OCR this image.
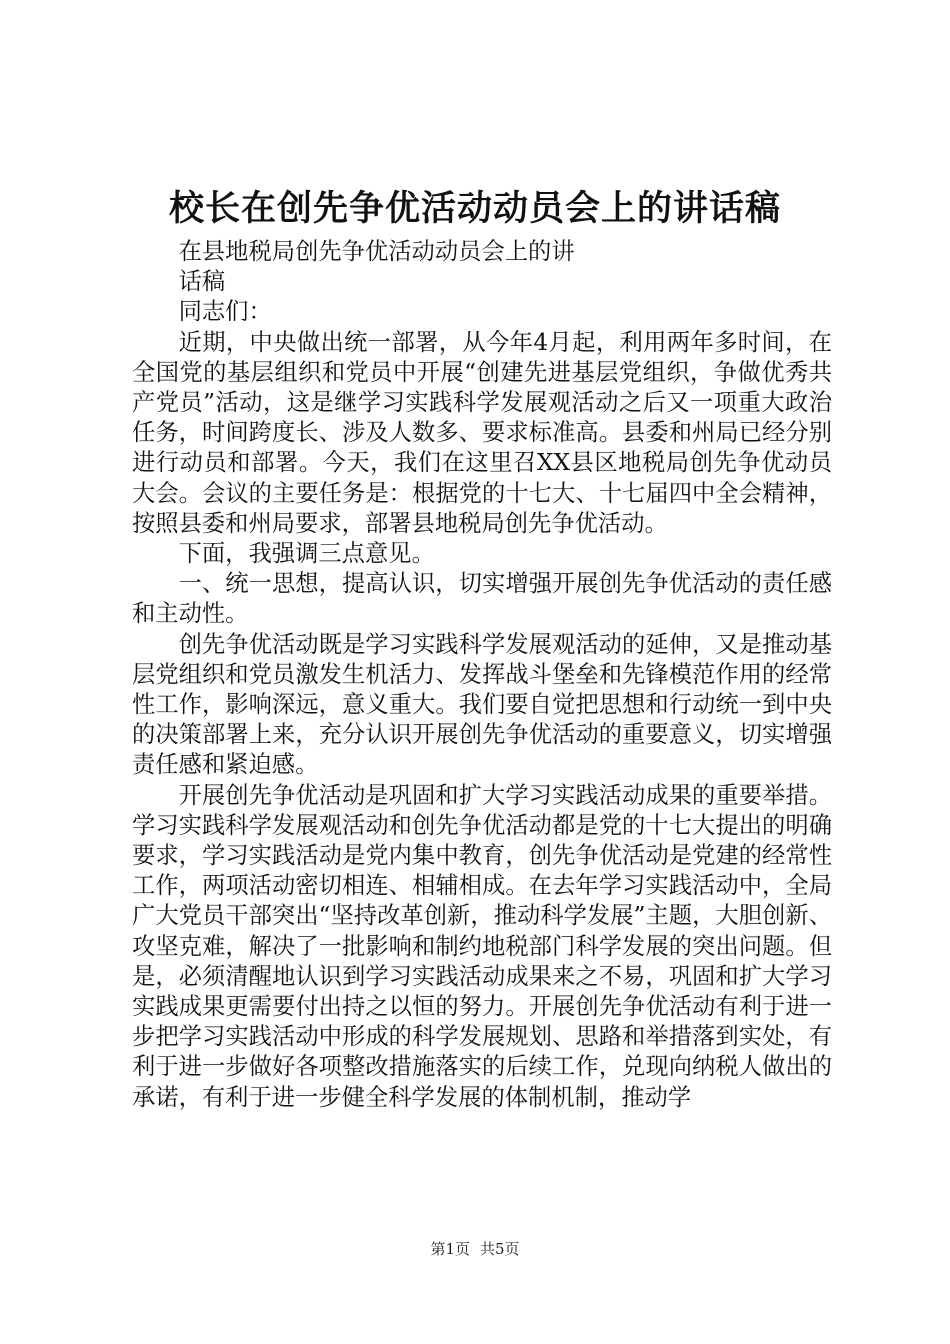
校长在创先争优活动动员会上的讲话稿

在县地税局创先争优活动动员会上的讲

话稿

同志们：

近期，中央做出统一部署，从今年4月起，利用两年多时间，在全国党的基层组织和党员中开展“创建先进基层党组织，争做优秀共产党员”活动，这是继学习实践科学发展观活动之后又一项重大政治任务，时间跨度长、涉及人数多、要求标准高。县委和州局已经分别进行动员和部署。今天，我们在这里召XX县区地税局创先争优动员大会。会议的主要任务是：根据党的十七大、十七届四中全会精神，按照县委和州局要求，部署县地税局创先争优活动。

下面，我强调三点意见。

一、统一思想，提高认识，切实增强开展创先争优活动的责任感和主动性。

创先争优活动既是学习实践科学发展观活动的延伸，又是推动基层党组织和党员激发生机活力、发挥战斗堡垒和先锋模范作用的经常性工作，影响深远，意义重大。我们要自觉把思想和行动统一到中央的决策部署上来，充分认识开展创先争优活动的重要意义，切实增强责任感和紧迫感。

开展创先争优活动是巩固和扩大学习实践活动成果的重要举措。学习实践科学发展观活动和创先争优活动都是党的十七大提出的明确要求，学习实践活动是党内集中教育，创先争优活动是党建的经常性工作，两项活动密切相连、相辅相成。在去年学习实践活动中，全局广大党员干部突出“坚持改革创新，推动科学发展”主题，大胆创新、攻坚克难，解决了一批影响和制约地税部门科学发展的突出问题。但是，必须清醒地认识到学习实践活动成果来之不易，巩固和扩大学习实践成果更需要付出持之以恒的努力。开展创先争优活动有利于进一步把学习实践活动中形成的科学发展规划、思路和举措落到实处，有利于进一步做好各项整改措施落实的后续工作，兑现向纳税人做出的承诺，有利于进一步健全科学发展的体制机制，推动学

第1页 共5页
